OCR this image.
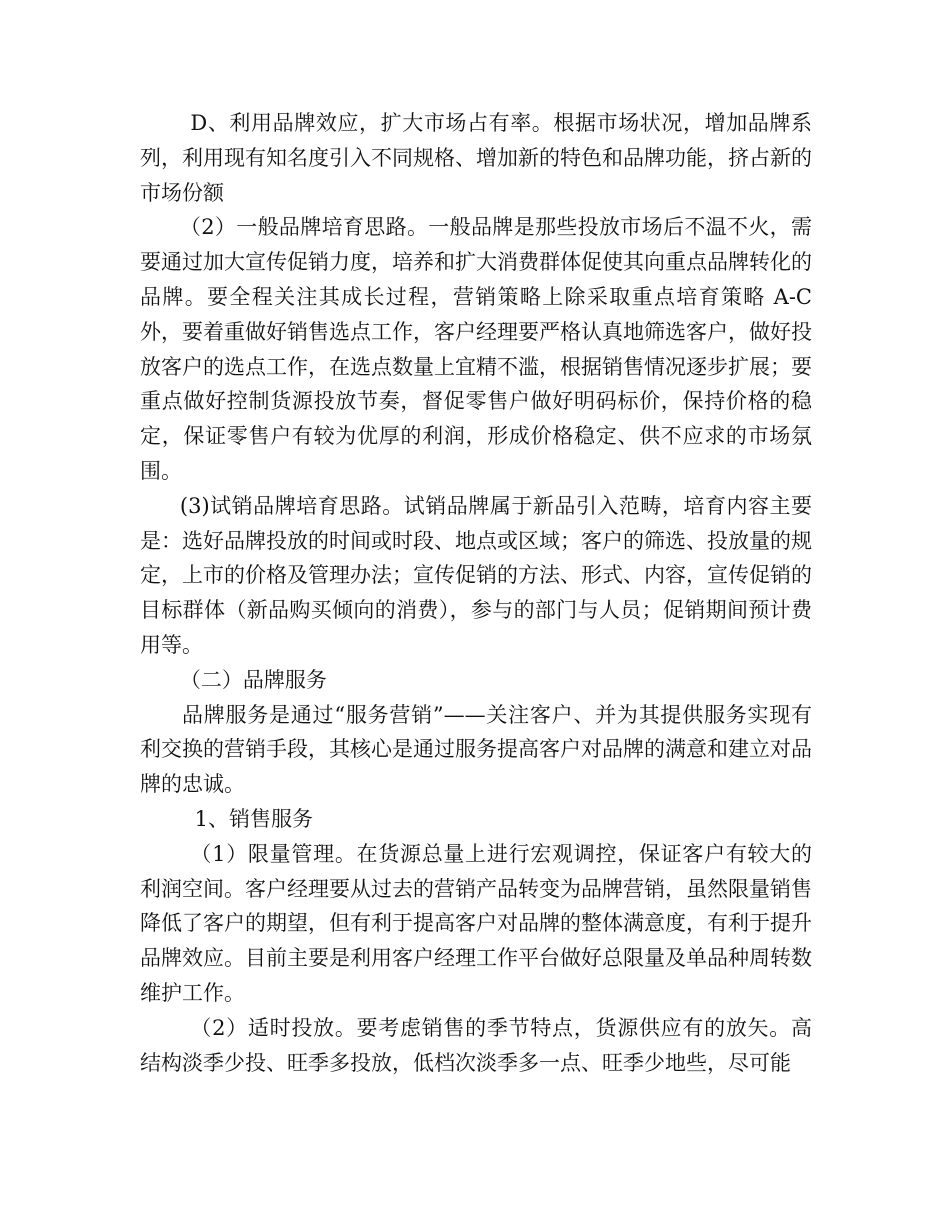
D、利用品牌效应，扩大市场占有率。根据市场状况，增加品牌系列，利用现有知名度引入不同规格、增加新的特色和品牌功能，挤占新的市场份额

（2）一般品牌培育思路。一般品牌是那些投放市场后不温不火，需要通过加大宣传促销力度，培养和扩大消费群体促使其向重点品牌转化的品牌。要全程关注其成长过程，营销策略上除采取重点培育策略 A-C 外，要着重做好销售选点工作，客户经理要严格认真地筛选客户，做好投放客户的选点工作，在选点数量上宜精不滥，根据销售情况逐步扩展；要重点做好控制货源投放节奏，督促零售户做好明码标价，保持价格的稳定，保证零售户有较为优厚的利润，形成价格稳定、供不应求的市场氛围。

(3)试销品牌培育思路。试销品牌属于新品引入范畴，培育内容主要是：选好品牌投放的时间或时段、地点或区域；客户的筛选、投放量的规定，上市的价格及管理办法；宣传促销的方法、形式、内容，宣传促销的目标群体（新品购买倾向的消费），参与的部门与人员；促销期间预计费用等。

（二）品牌服务

品牌服务是通过“服务营销”——关注客户、并为其提供服务实现有利交换的营销手段，其核心是通过服务提高客户对品牌的满意和建立对品牌的忠诚。

1、销售服务

（1）限量管理。在货源总量上进行宏观调控，保证客户有较大的利润空间。客户经理要从过去的营销产品转变为品牌营销，虽然限量销售降低了客户的期望，但有利于提高客户对品牌的整体满意度，有利于提升品牌效应。目前主要是利用客户经理工作平台做好总限量及单品种周转数维护工作。

（2）适时投放。要考虑销售的季节特点，货源供应有的放矢。高结构淡季少投、旺季多投放，低档次淡季多一点、旺季少地些，尽可能
